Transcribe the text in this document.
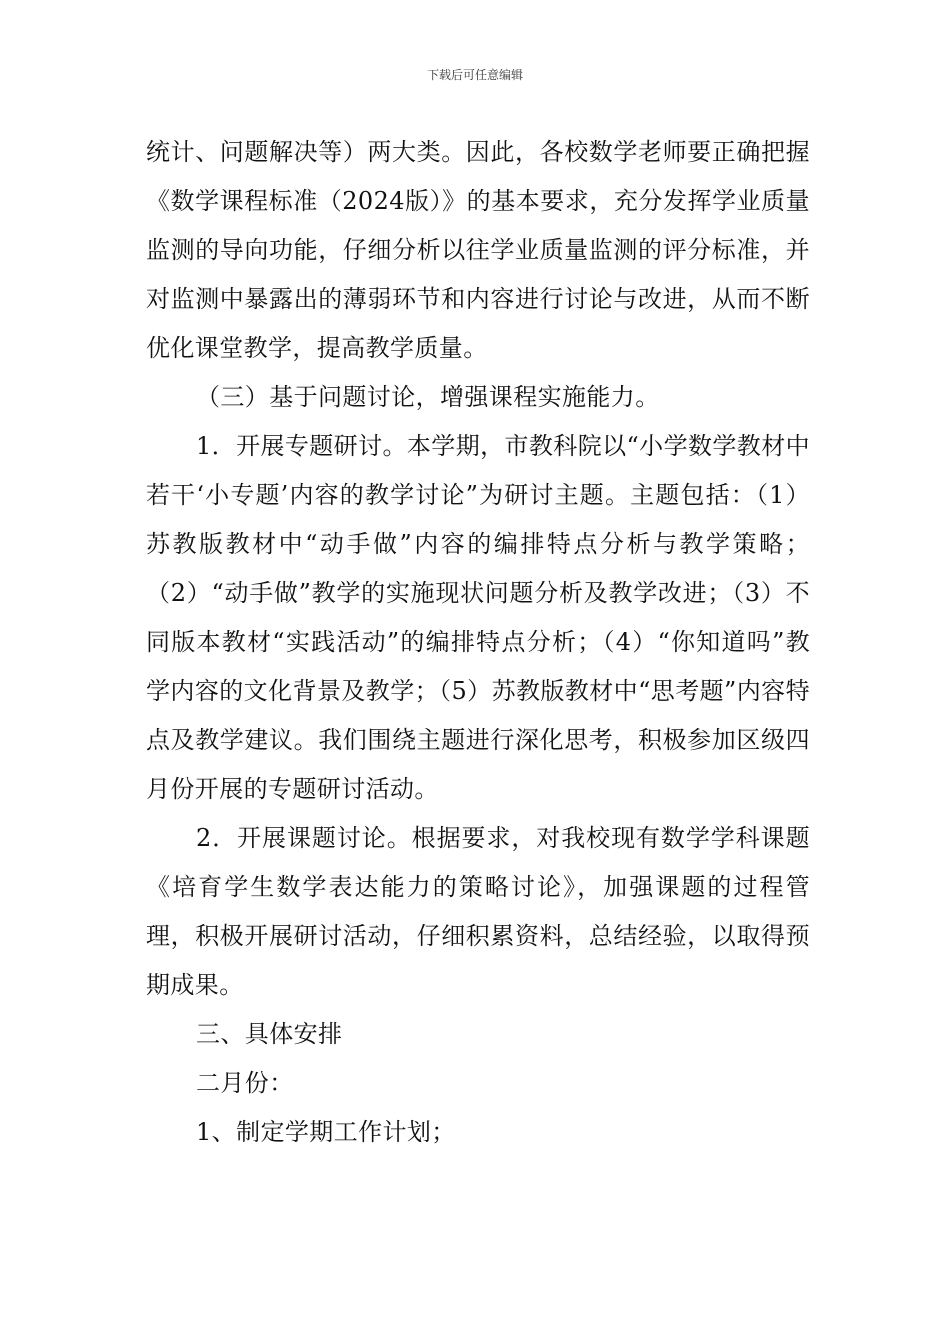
下载后可任意编辑

统计、问题解决等）两大类。因此，各校数学老师要正确把握《数学课程标准（2024版）》的基本要求，充分发挥学业质量监测的导向功能，仔细分析以往学业质量监测的评分标准，并对监测中暴露出的薄弱环节和内容进行讨论与改进，从而不断优化课堂教学，提高教学质量。

（三）基于问题讨论，增强课程实施能力。

1．开展专题研讨。本学期，市教科院以“小学数学教材中若干‘小专题’内容的教学讨论”为研讨主题。主题包括：（1）苏教版教材中“动手做”内容的编排特点分析与教学策略；（2）“动手做”教学的实施现状问题分析及教学改进；（3）不同版本教材“实践活动”的编排特点分析；（4）“你知道吗”教学内容的文化背景及教学；（5）苏教版教材中“思考题”内容特点及教学建议。我们围绕主题进行深化思考，积极参加区级四月份开展的专题研讨活动。

2．开展课题讨论。根据要求，对我校现有数学学科课题《培育学生数学表达能力的策略讨论》，加强课题的过程管理，积极开展研讨活动，仔细积累资料，总结经验，以取得预期成果。

三、具体安排

二月份：

1、制定学期工作计划；
